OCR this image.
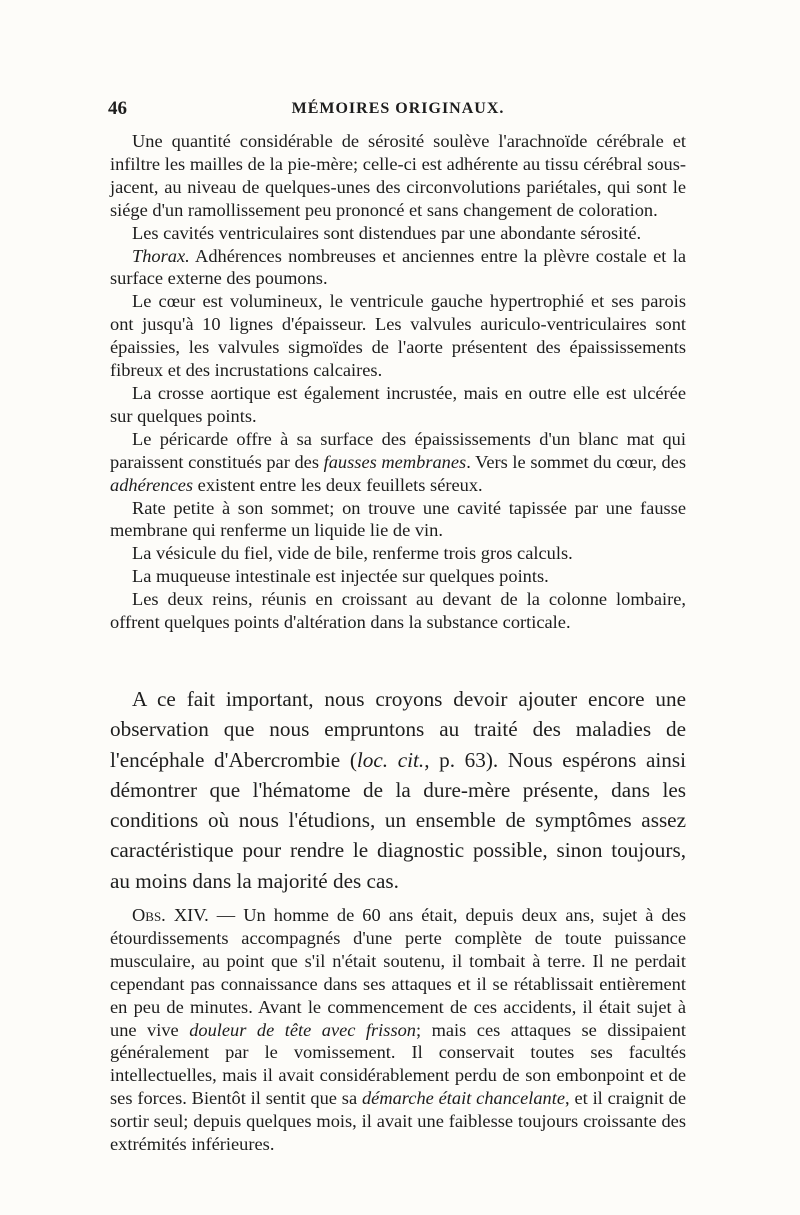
46	MÉMOIRES ORIGINAUX.

Une quantité considérable de sérosité soulève l'arachnoïde cérébrale et infiltre les mailles de la pie-mère; celle-ci est adhérente au tissu cérébral sous-jacent, au niveau de quelques-unes des circonvolutions pariétales, qui sont le siége d'un ramollissement peu prononcé et sans changement de coloration.

Les cavités ventriculaires sont distendues par une abondante sérosité.

Thorax. Adhérences nombreuses et anciennes entre la plèvre costale et la surface externe des poumons.

Le cœur est volumineux, le ventricule gauche hypertrophié et ses parois ont jusqu'à 10 lignes d'épaisseur. Les valvules auriculo-ventriculaires sont épaissies, les valvules sigmoïdes de l'aorte présentent des épaississements fibreux et des incrustations calcaires.

La crosse aortique est également incrustée, mais en outre elle est ulcérée sur quelques points.

Le péricarde offre à sa surface des épaississements d'un blanc mat qui paraissent constitués par des fausses membranes. Vers le sommet du cœur, des adhérences existent entre les deux feuillets séreux.

Rate petite à son sommet; on trouve une cavité tapissée par une fausse membrane qui renferme un liquide lie de vin.

La vésicule du fiel, vide de bile, renferme trois gros calculs.

La muqueuse intestinale est injectée sur quelques points.

Les deux reins, réunis en croissant au devant de la colonne lombaire, offrent quelques points d'altération dans la substance corticale.

A ce fait important, nous croyons devoir ajouter encore une observation que nous empruntons au traité des maladies de l'encéphale d'Abercrombie (loc. cit., p. 63). Nous espérons ainsi démontrer que l'hématome de la dure-mère présente, dans les conditions où nous l'étudions, un ensemble de symptômes assez caractéristique pour rendre le diagnostic possible, sinon toujours, au moins dans la majorité des cas.

Obs. XIV. — Un homme de 60 ans était, depuis deux ans, sujet à des étourdissements accompagnés d'une perte complète de toute puissance musculaire, au point que s'il n'était soutenu, il tombait à terre. Il ne perdait cependant pas connaissance dans ses attaques et il se rétablissait entièrement en peu de minutes. Avant le commencement de ces accidents, il était sujet à une vive douleur de tête avec frisson; mais ces attaques se dissipaient généralement par le vomissement. Il conservait toutes ses facultés intellectuelles, mais il avait considérablement perdu de son embonpoint et de ses forces. Bientôt il sentit que sa démarche était chancelante, et il craignit de sortir seul; depuis quelques mois, il avait une faiblesse toujours croissante des extrémités inférieures.
